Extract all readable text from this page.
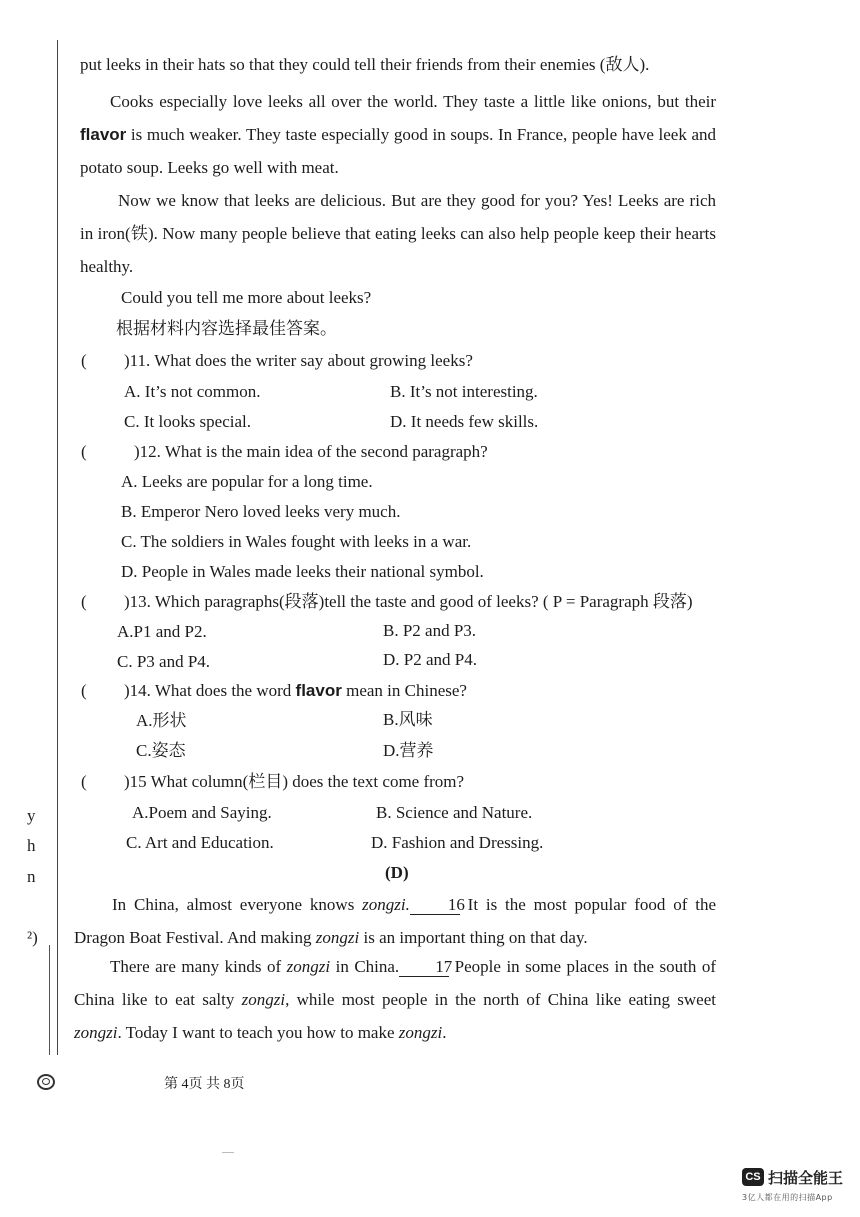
put leeks in their hats so that they could tell their friends from their enemies (敌人).
Cooks especially love leeks all over the world. They taste a little like onions, but their flavor is much weaker. They taste especially good in soups. In France, people have leek and potato soup. Leeks go well with meat.
Now we know that leeks are delicious. But are they good for you? Yes! Leeks are rich in iron(铁). Now many people believe that eating leeks can also help people keep their hearts healthy.
Could you tell me more about leeks?
根据材料内容选择最佳答案。
( )11. What does the writer say about growing leeks?
A. It’s not common.	B. It’s not interesting.
C. It looks special.	D. It needs few skills.
(	)12. What is the main idea of the second paragraph?
A. Leeks are popular for a long time.
B. Emperor Nero loved leeks very much.
C. The soldiers in Wales fought with leeks in a war.
D. People in Wales made leeks their national symbol.
( )13. Which paragraphs(段落)tell the taste and good of leeks? ( P = Paragraph 段落)
A.P1 and P2.	B. P2 and P3.
C. P3 and P4.	D. P2 and P4.
( )14. What does the word flavor mean in Chinese?
A.形状	B.风味
C.姿态	D.营养
( )15 What column(栏目) does the text come from?
A.Poem and Saying.	B. Science and Nature.
C. Art and Education.	D. Fashion and Dressing.
y
h
n
²)
(D)
In China, almost everyone knows zongzi. 16 It is the most popular food of the Dragon Boat Festival. And making zongzi is an important thing on that day.
There are many kinds of zongzi in China. 17 People in some places in the south of China like to eat salty zongzi, while most people in the north of China like eating sweet zongzi. Today I want to teach you how to make zongzi.
第 4页 共 8页
CS 扫描全能王
3亿人都在用的扫描App
